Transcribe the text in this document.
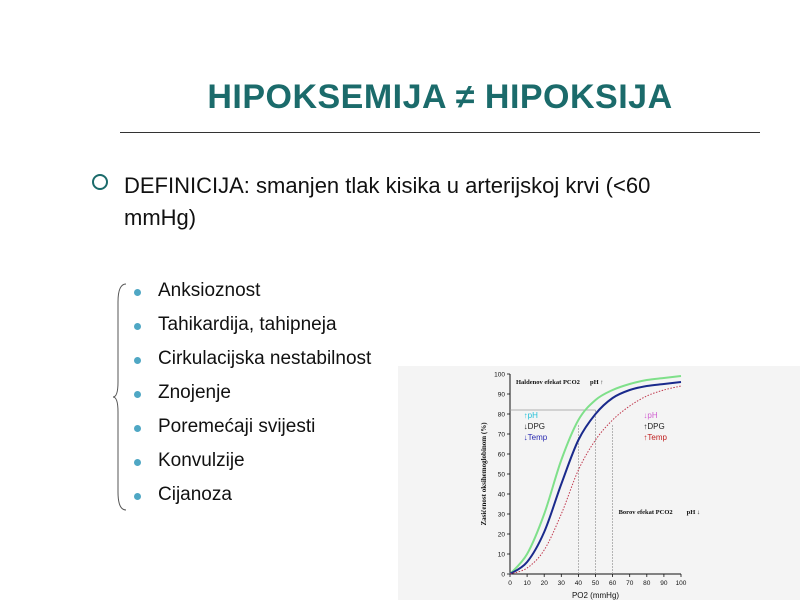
HIPOKSEMIJA ≠ HIPOKSIJA
DEFINICIJA: smanjen tlak kisika u arterijskoj krvi (<60 mmHg)
Anksioznost
Tahikardija, tahipneja
Cirkulacijska nestabilnost
Znojenje
Poremećaji svijesti
Konvulzije
Cijanoza
0
10
20
30
40
50
60
70
80
90
100
0 10 20 30 40 50 60 70 80 90 100
PO2 (mmHg)
Zasićenost oksihemoglobinom (%)
Haldenov efekat PCO2 pH ↑
Borov efekat PCO2 pH ↓
↑pH
↓DPG
↓Temp
↓pH
↑DPG
↑Temp
